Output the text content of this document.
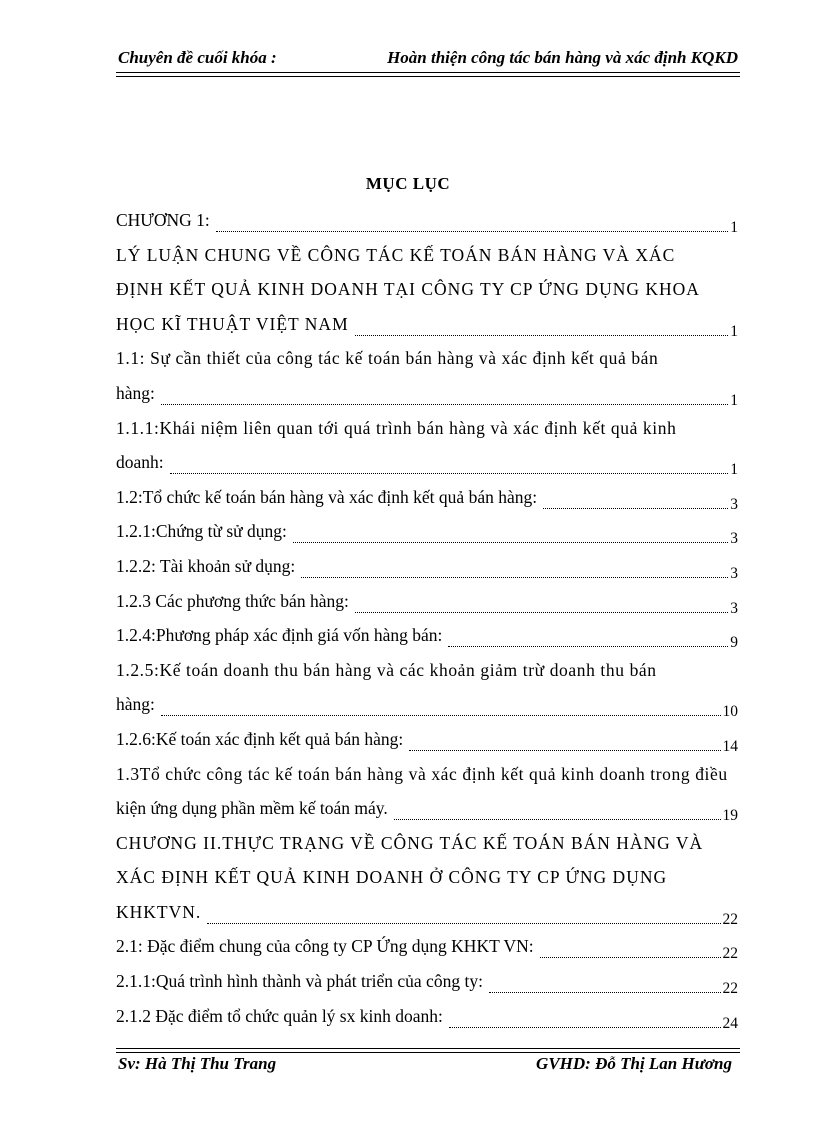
Chuyên đề cuối khóa :	Hoàn thiện công tác bán hàng và xác định KQKD
MỤC LỤC
CHƯƠNG 1:	1
LÝ LUẬN CHUNG VỀ CÔNG TÁC KẾ TOÁN BÁN HÀNG VÀ XÁC
ĐỊNH KẾT QUẢ KINH DOANH TẠI CÔNG TY CP ỨNG DỤNG KHOA
HỌC KĨ THUẬT VIỆT NAM	1
1.1: Sự cần thiết của công tác kế toán bán hàng và xác định kết quả bán
hàng:	1
1.1.1:Khái niệm liên quan tới quá trình bán hàng và xác định kết quả kinh
doanh:	1
1.2:Tổ chức kế toán bán hàng và xác định kết quả bán hàng:	3
1.2.1:Chứng từ sử dụng:	3
1.2.2: Tài khoản sử dụng:	3
1.2.3 Các phương thức bán hàng:	3
1.2.4:Phương pháp xác định giá vốn hàng bán:	9
1.2.5:Kế toán doanh thu bán hàng và các khoản giảm trừ doanh thu bán
hàng:	10
1.2.6:Kế toán xác định kết quả bán hàng:	14
1.3Tổ chức công tác kế toán bán hàng và xác định kết quả kinh doanh trong điều
kiện ứng dụng phần mềm kế toán máy.	19
CHƯƠNG II.THỰC TRẠNG VỀ CÔNG TÁC KẾ TOÁN BÁN HÀNG VÀ
XÁC ĐỊNH KẾT QUẢ KINH DOANH Ở CÔNG TY CP ỨNG DỤNG
KHKTVN.	22
2.1: Đặc điểm chung của công ty CP Ứng dụng KHKT VN:	22
2.1.1:Quá trình hình thành và phát triển của công ty:	22
2.1.2 Đặc điểm tổ chức quản lý sx kinh doanh:	24
Sv: Hà Thị Thu Trang	GVHD: Đỗ Thị Lan Hương
